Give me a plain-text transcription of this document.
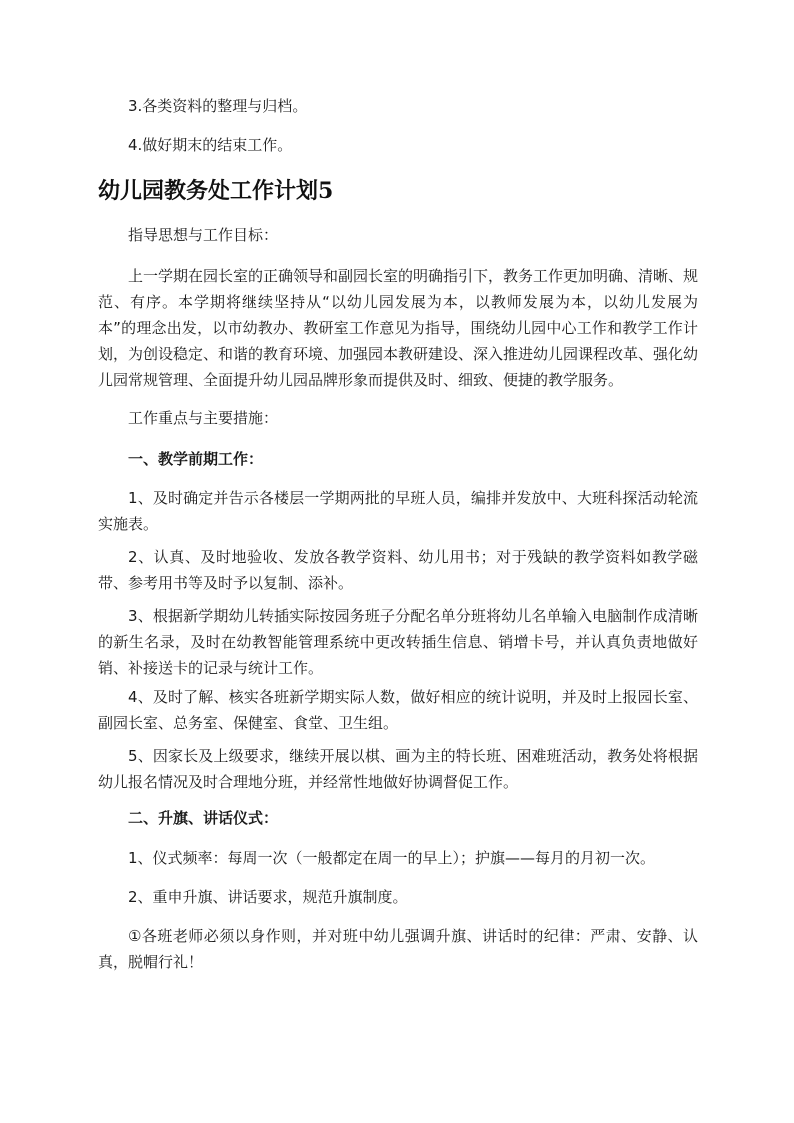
3.各类资料的整理与归档。

4.做好期末的结束工作。

幼儿园教务处工作计划5

指导思想与工作目标：

上一学期在园长室的正确领导和副园长室的明确指引下，教务工作更加明确、清晰、规范、有序。本学期将继续坚持从“以幼儿园发展为本，以教师发展为本，以幼儿发展为本”的理念出发，以市幼教办、教研室工作意见为指导，围绕幼儿园中心工作和教学工作计划，为创设稳定、和谐的教育环境、加强园本教研建设、深入推进幼儿园课程改革、强化幼儿园常规管理、全面提升幼儿园品牌形象而提供及时、细致、便捷的教学服务。

工作重点与主要措施：

一、教学前期工作：

1、及时确定并告示各楼层一学期两批的早班人员，编排并发放中、大班科探活动轮流实施表。

2、认真、及时地验收、发放各教学资料、幼儿用书；对于残缺的教学资料如教学磁带、参考用书等及时予以复制、添补。

3、根据新学期幼儿转插实际按园务班子分配名单分班将幼儿名单输入电脑制作成清晰的新生名录，及时在幼教智能管理系统中更改转插生信息、销增卡号，并认真负责地做好销、补接送卡的记录与统计工作。

4、及时了解、核实各班新学期实际人数，做好相应的统计说明，并及时上报园长室、副园长室、总务室、保健室、食堂、卫生组。

5、因家长及上级要求，继续开展以棋、画为主的特长班、困难班活动，教务处将根据幼儿报名情况及时合理地分班，并经常性地做好协调督促工作。

二、升旗、讲话仪式：

1、仪式频率：每周一次（一般都定在周一的早上）；护旗——每月的月初一次。

2、重申升旗、讲话要求，规范升旗制度。

①各班老师必须以身作则，并对班中幼儿强调升旗、讲话时的纪律：严肃、安静、认真，脱帽行礼！
